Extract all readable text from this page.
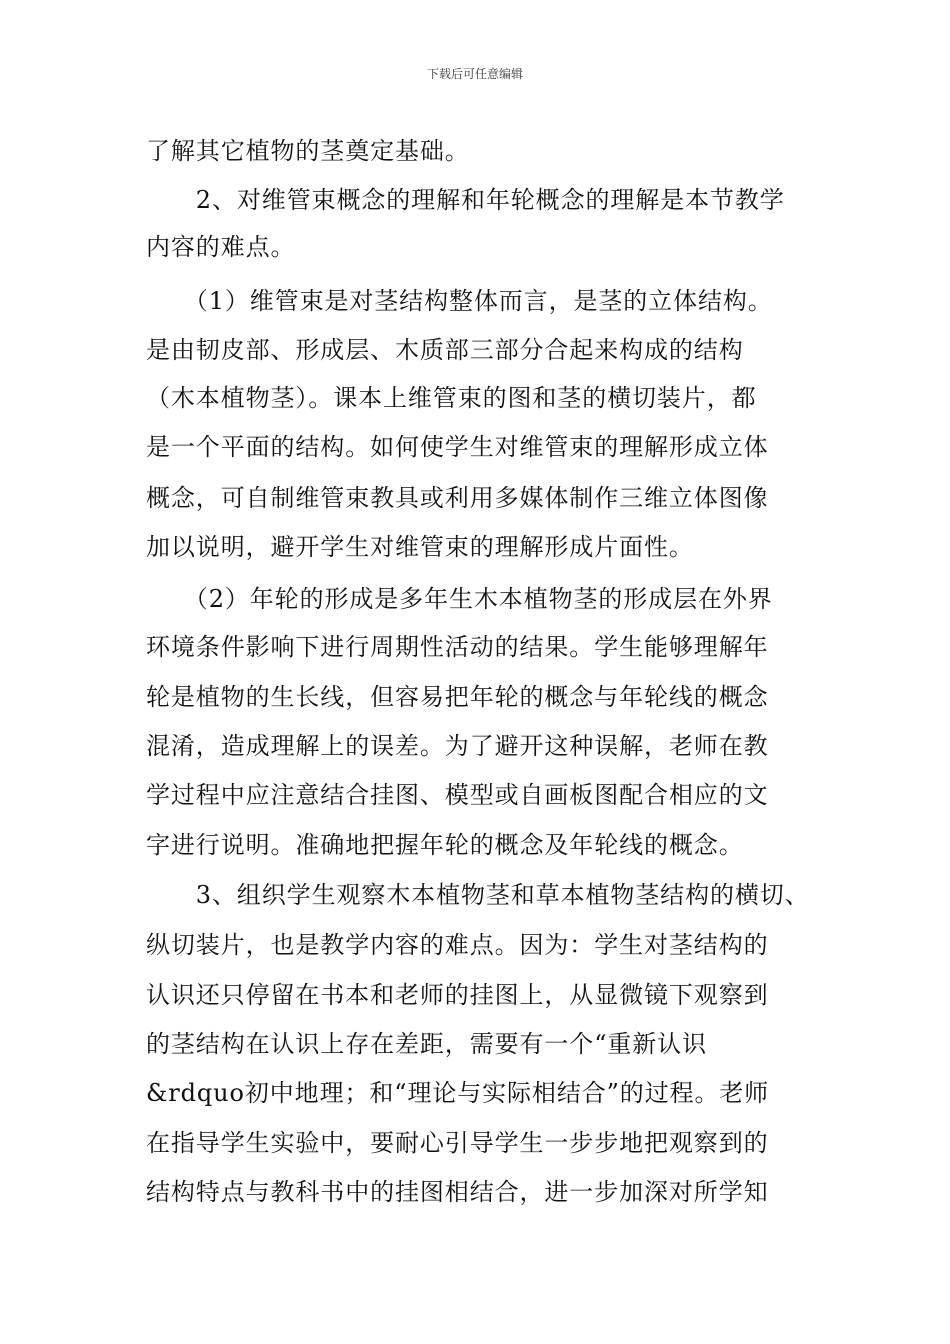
下载后可任意编辑
了解其它植物的茎奠定基础。
　　2、对维管束概念的理解和年轮概念的理解是本节教学
内容的难点。
　　（1）维管束是对茎结构整体而言，是茎的立体结构。
是由韧皮部、形成层、木质部三部分合起来构成的结构
（木本植物茎）。课本上维管束的图和茎的横切装片，都
是一个平面的结构。如何使学生对维管束的理解形成立体
概念，可自制维管束教具或利用多媒体制作三维立体图像
加以说明，避开学生对维管束的理解形成片面性。
　　（2）年轮的形成是多年生木本植物茎的形成层在外界
环境条件影响下进行周期性活动的结果。学生能够理解年
轮是植物的生长线，但容易把年轮的概念与年轮线的概念
混淆，造成理解上的误差。为了避开这种误解，老师在教
学过程中应注意结合挂图、模型或自画板图配合相应的文
字进行说明。准确地把握年轮的概念及年轮线的概念。
　　3、组织学生观察木本植物茎和草本植物茎结构的横切、
纵切装片，也是教学内容的难点。因为：学生对茎结构的
认识还只停留在书本和老师的挂图上，从显微镜下观察到
的茎结构在认识上存在差距，需要有一个“重新认识
&rdquo初中地理；和“理论与实际相结合”的过程。老师
在指导学生实验中，要耐心引导学生一步步地把观察到的
结构特点与教科书中的挂图相结合，进一步加深对所学知
